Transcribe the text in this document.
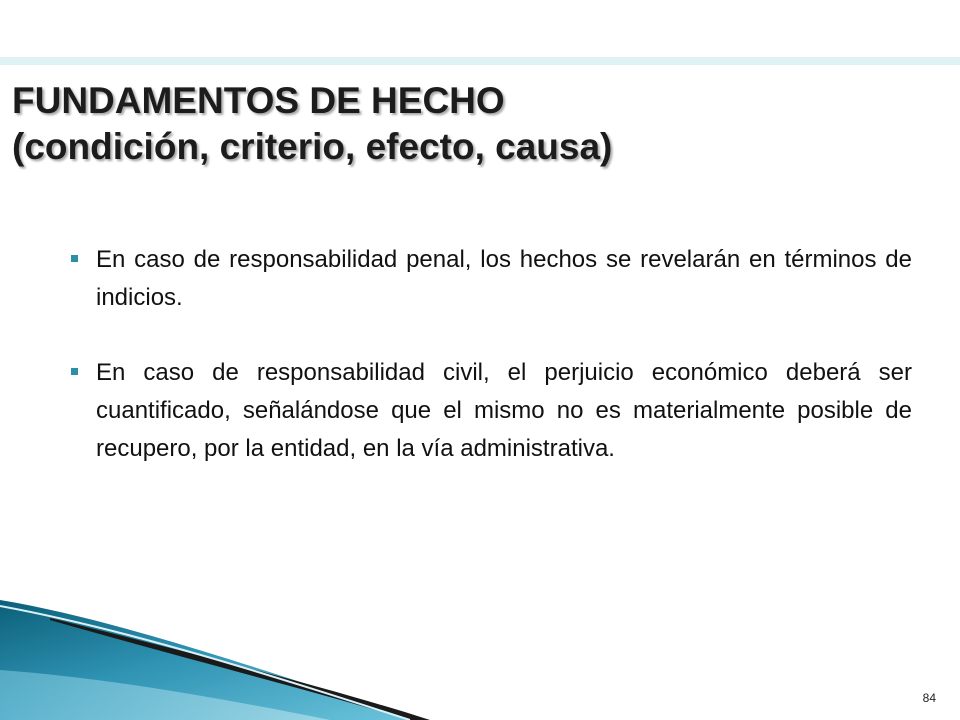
FUNDAMENTOS DE HECHO
(condición, criterio, efecto, causa)
En caso de responsabilidad penal, los hechos se revelarán en términos de indicios.
En caso de responsabilidad civil, el perjuicio económico deberá ser cuantificado, señalándose que el mismo no es materialmente posible de recupero, por la entidad, en la vía administrativa.
84
